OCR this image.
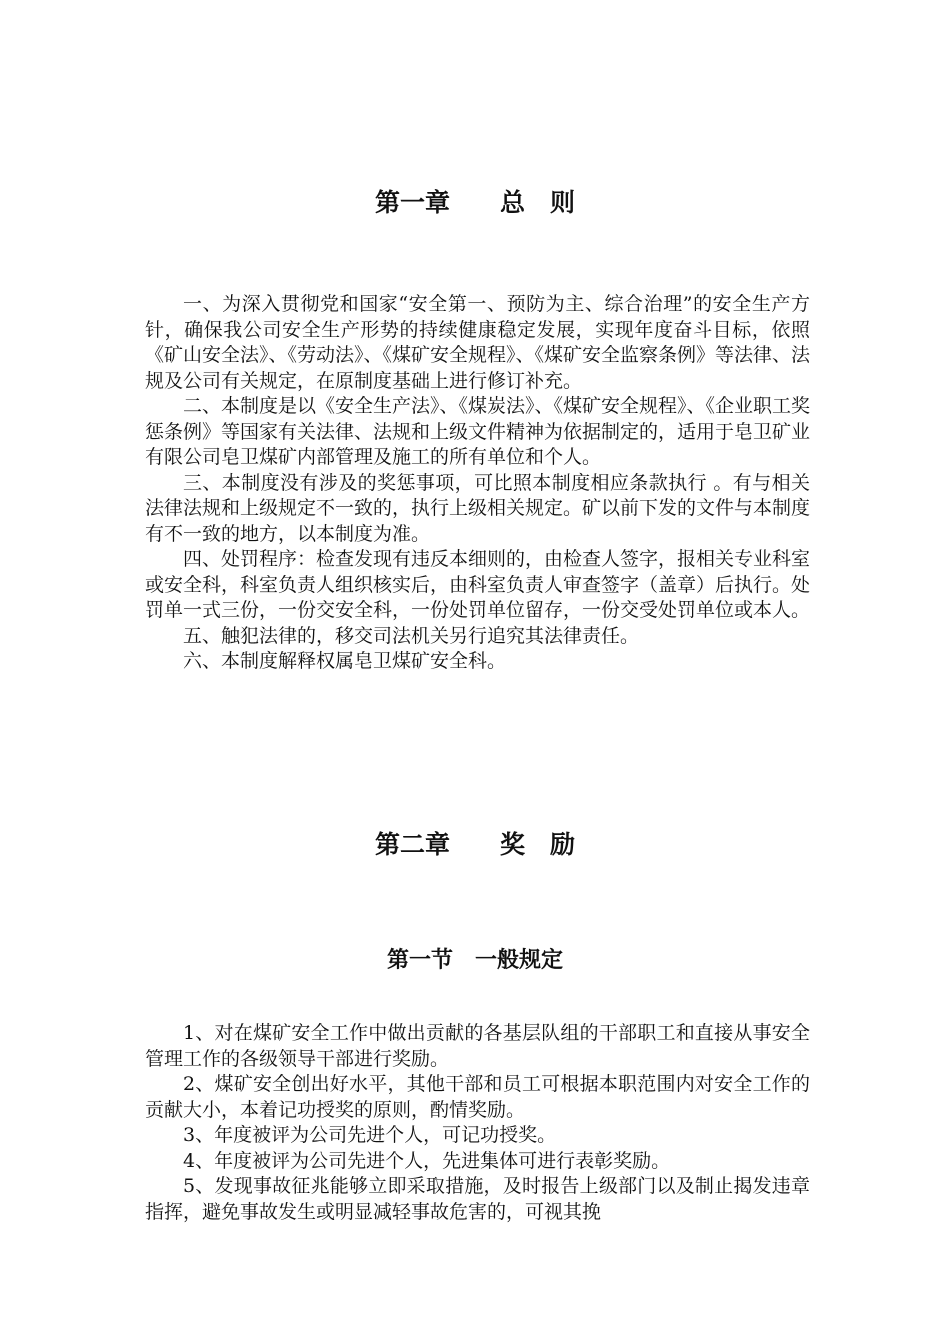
第一章　　总　则

一、为深入贯彻党和国家“安全第一、预防为主、综合治理”的安全生产方针，确保我公司安全生产形势的持续健康稳定发展，实现年度奋斗目标，依照《矿山安全法》、《劳动法》、《煤矿安全规程》、《煤矿安全监察条例》等法律、法规及公司有关规定，在原制度基础上进行修订补充。

二、本制度是以《安全生产法》、《煤炭法》、《煤矿安全规程》、《企业职工奖惩条例》等国家有关法律、法规和上级文件精神为依据制定的，适用于皂卫矿业有限公司皂卫煤矿内部管理及施工的所有单位和个人。

三、本制度没有涉及的奖惩事项，可比照本制度相应条款执行 。有与相关法律法规和上级规定不一致的，执行上级相关规定。矿以前下发的文件与本制度有不一致的地方，以本制度为准。

四、处罚程序：检查发现有违反本细则的，由检查人签字，报相关专业科室或安全科，科室负责人组织核实后，由科室负责人审查签字（盖章）后执行。处罚单一式三份，一份交安全科，一份处罚单位留存，一份交受处罚单位或本人。

五、触犯法律的，移交司法机关另行追究其法律责任。

六、本制度解释权属皂卫煤矿安全科。

第二章　　奖　励
第一节　一般规定

1、对在煤矿安全工作中做出贡献的各基层队组的干部职工和直接从事安全管理工作的各级领导干部进行奖励。

2、煤矿安全创出好水平，其他干部和员工可根据本职范围内对安全工作的贡献大小，本着记功授奖的原则，酌情奖励。

3、年度被评为公司先进个人，可记功授奖。

4、年度被评为公司先进个人，先进集体可进行表彰奖励。

5、发现事故征兆能够立即采取措施，及时报告上级部门以及制止揭发违章指挥，避免事故发生或明显减轻事故危害的，可视其挽
